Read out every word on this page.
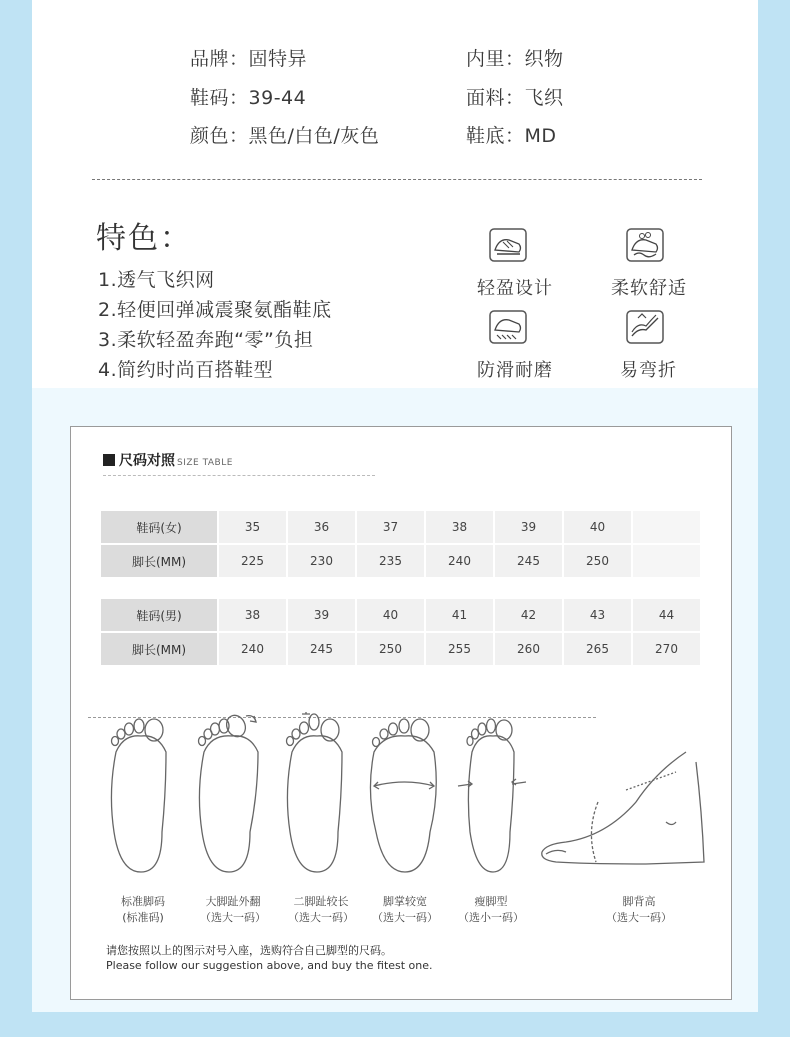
品牌：固特异	内里：织物
鞋码：39-44	面料：飞织
颜色：黑色/白色/灰色	鞋底：MD
特色：
1.透气飞织网
2.轻便回弹减震聚氨酯鞋底
3.柔软轻盈奔跑“零”负担
4.简约时尚百搭鞋型
轻盈设计	柔软舒适
防滑耐磨	易弯折
尺码对照 SIZE TABLE
鞋码(女)	35	36	37	38	39	40	
脚长(MM)	225	230	235	240	245	250	
鞋码(男)	38	39	40	41	42	43	44
脚长(MM)	240	245	250	255	260	265	270
标准脚码
(标准码)
大脚趾外翻
（选大一码）
二脚趾较长
（选大一码）
脚掌较宽
（选大一码）
瘦脚型
（选小一码）
脚背高
（选大一码）
请您按照以上的图示对号入座，选购符合自己脚型的尺码。
Please follow our suggestion above, and buy the fitest one.
